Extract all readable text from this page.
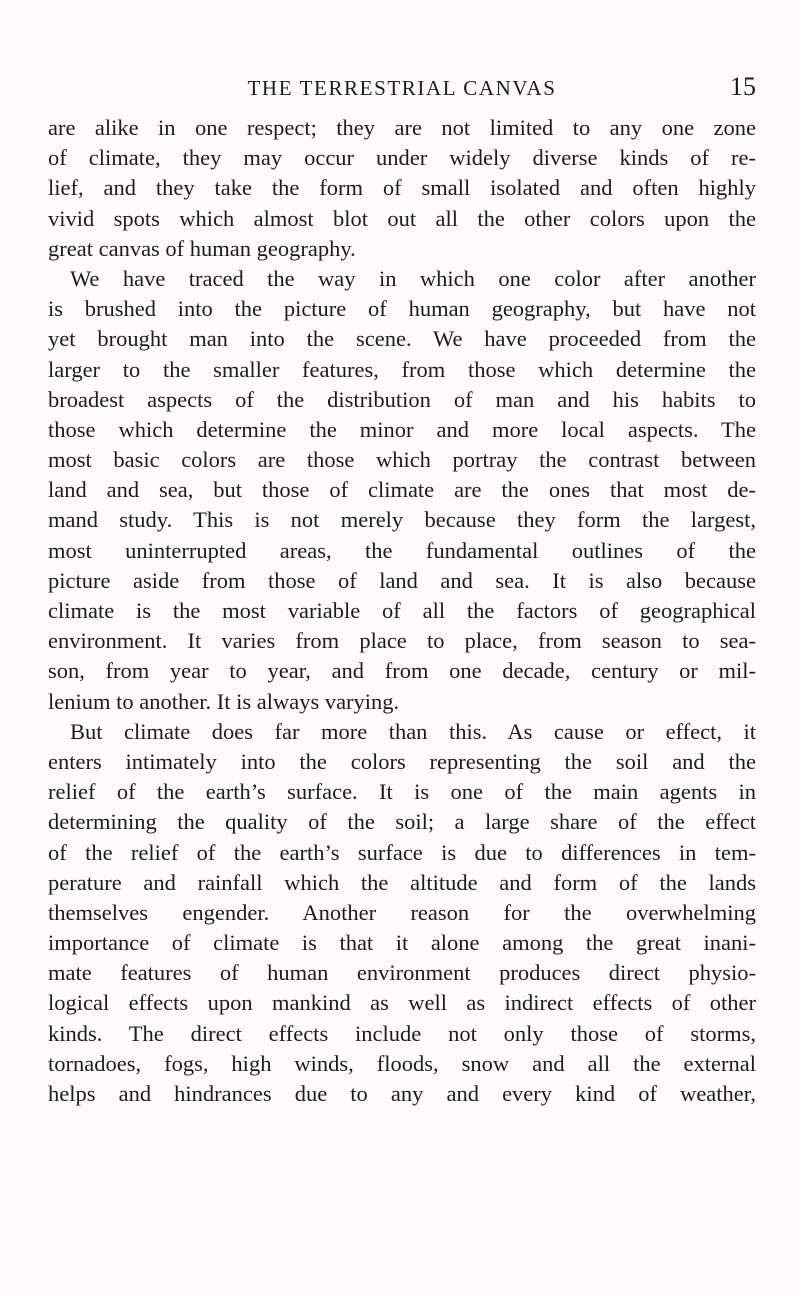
THE TERRESTRIAL CANVAS	15
are alike in one respect; they are not limited to any one zone
of climate, they may occur under widely diverse kinds of re-
lief, and they take the form of small isolated and often highly
vivid spots which almost blot out all the other colors upon the
great canvas of human geography.
We have traced the way in which one color after another
is brushed into the picture of human geography, but have not
yet brought man into the scene. We have proceeded from the
larger to the smaller features, from those which determine the
broadest aspects of the distribution of man and his habits to
those which determine the minor and more local aspects. The
most basic colors are those which portray the contrast between
land and sea, but those of climate are the ones that most de-
mand study. This is not merely because they form the largest,
most uninterrupted areas, the fundamental outlines of the
picture aside from those of land and sea. It is also because
climate is the most variable of all the factors of geographical
environment. It varies from place to place, from season to sea-
son, from year to year, and from one decade, century or mil-
lenium to another. It is always varying.
But climate does far more than this. As cause or effect, it
enters intimately into the colors representing the soil and the
relief of the earth’s surface. It is one of the main agents in
determining the quality of the soil; a large share of the effect
of the relief of the earth’s surface is due to differences in tem-
perature and rainfall which the altitude and form of the lands
themselves engender. Another reason for the overwhelming
importance of climate is that it alone among the great inani-
mate features of human environment produces direct physio-
logical effects upon mankind as well as indirect effects of other
kinds. The direct effects include not only those of storms,
tornadoes, fogs, high winds, floods, snow and all the external
helps and hindrances due to any and every kind of weather,
